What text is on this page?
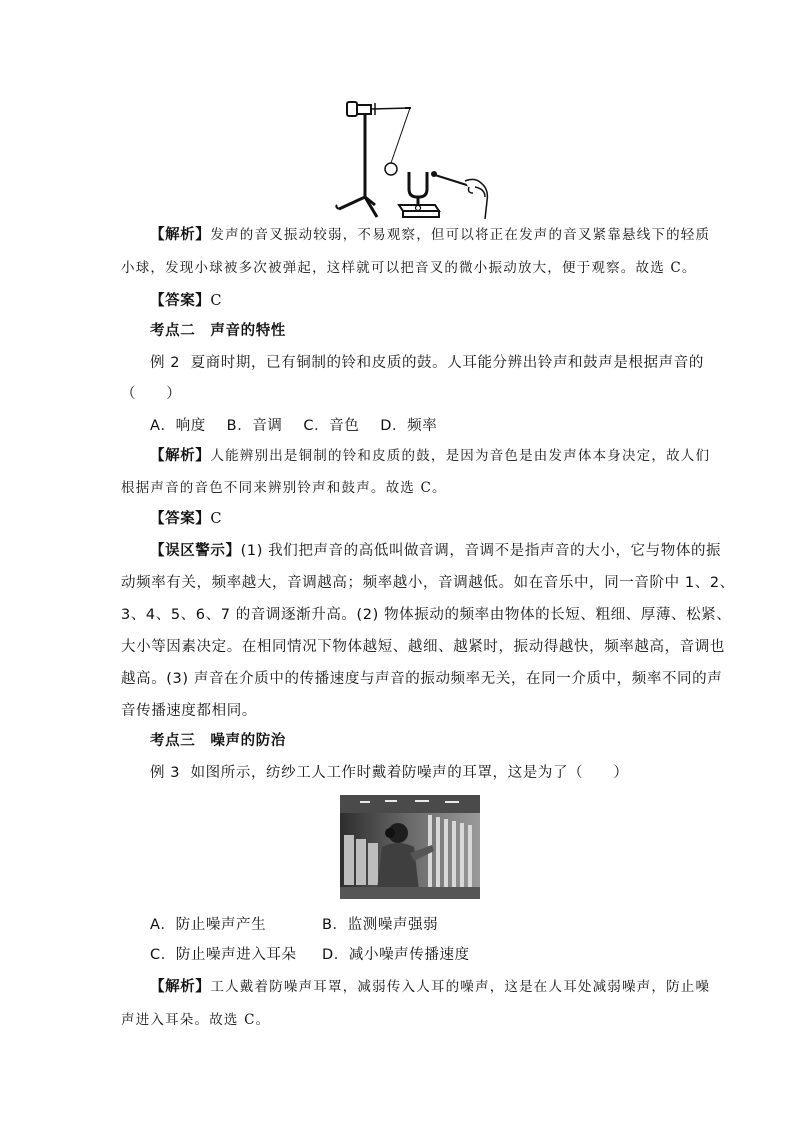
【解析】发声的音叉振动较弱，不易观察，但可以将正在发声的音叉紧靠悬线下的轻质
小球，发现小球被多次被弹起，这样就可以把音叉的微小振动放大，便于观察。故选 C。
【答案】C
考点二　声音的特性
例 2 夏商时期，已有铜制的铃和皮质的鼓。人耳能分辨出铃声和鼓声是根据声音的
（　　）
A．响度 B．音调 C．音色 D．频率
【解析】人能辨别出是铜制的铃和皮质的鼓，是因为音色是由发声体本身决定，故人们
根据声音的音色不同来辨别铃声和鼓声。故选 C。
【答案】C
【误区警示】(1) 我们把声音的高低叫做音调，音调不是指声音的大小，它与物体的振
动频率有关，频率越大，音调越高；频率越小，音调越低。如在音乐中，同一音阶中 1、2、
3、4、5、6、7 的音调逐渐升高。(2) 物体振动的频率由物体的长短、粗细、厚薄、松紧、
大小等因素决定。在相同情况下物体越短、越细、越紧时，振动得越快，频率越高，音调也
越高。(3) 声音在介质中的传播速度与声音的振动频率无关，在同一介质中，频率不同的声
音传播速度都相同。
考点三　噪声的防治
例 3 如图所示，纺纱工人工作时戴着防噪声的耳罩，这是为了（　　）
A．防止噪声产生	B．监测噪声强弱
C．防止噪声进入耳朵 D．减小噪声传播速度
【解析】工人戴着防噪声耳罩，减弱传入人耳的噪声，这是在人耳处减弱噪声，防止噪
声进入耳朵。故选 C。
